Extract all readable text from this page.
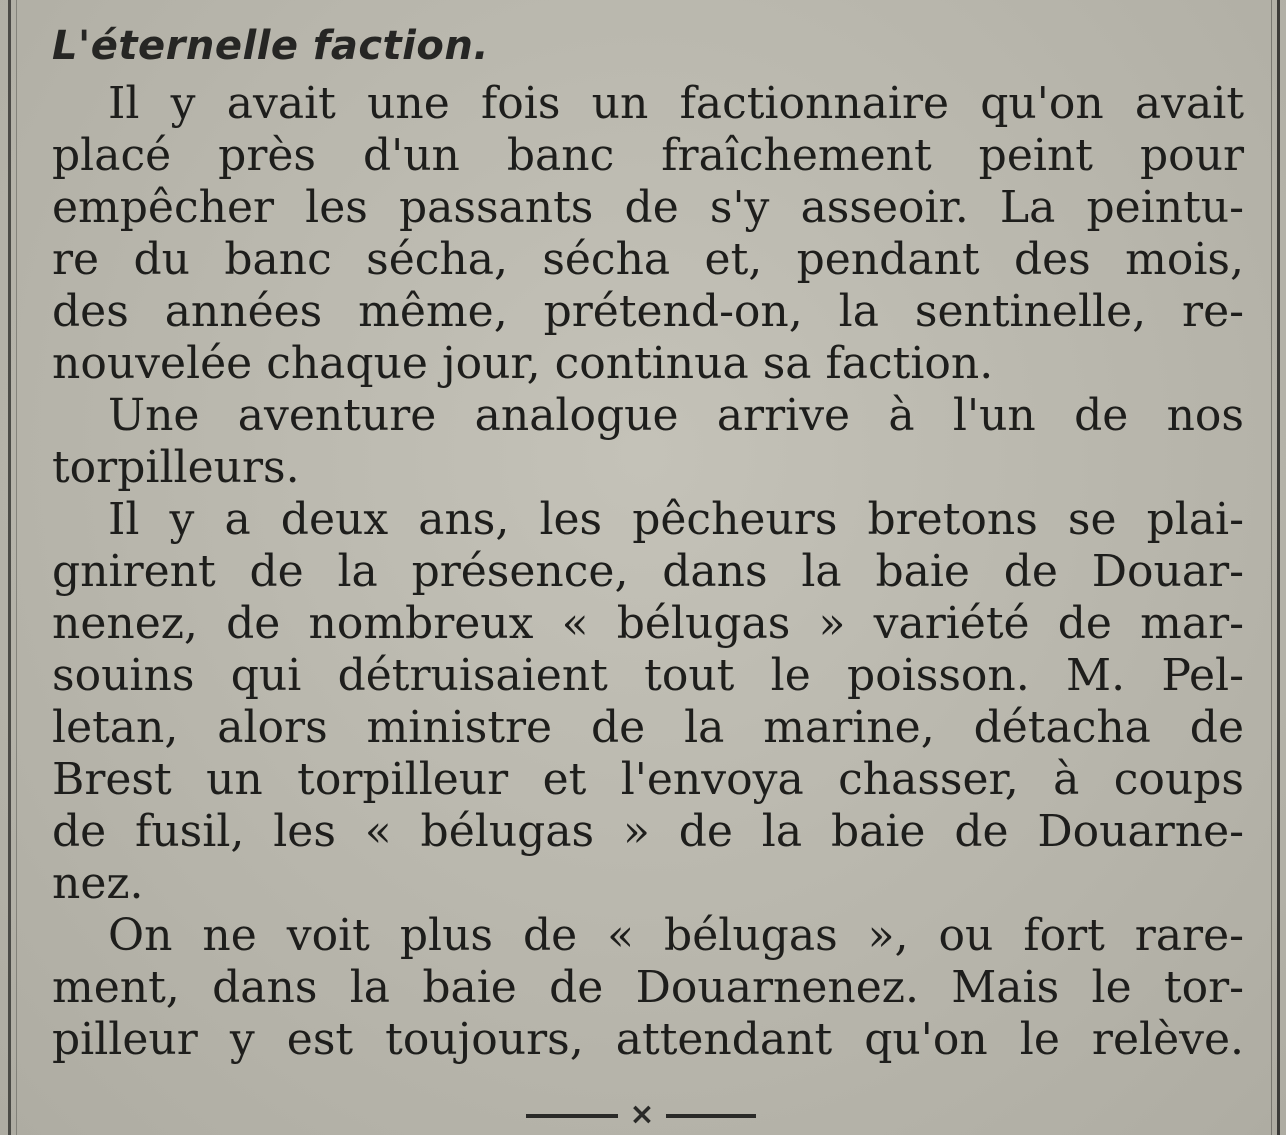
L'éternelle faction.
Il y avait une fois un factionnaire qu'on avait
placé près d'un banc fraîchement peint pour
empêcher les passants de s'y asseoir. La peintu-
re du banc sécha, sécha et, pendant des mois,
des années même, prétend-on, la sentinelle, re-
nouvelée chaque jour, continua sa faction.
Une aventure analogue arrive à l'un de nos
torpilleurs.
Il y a deux ans, les pêcheurs bretons se plai-
gnirent de la présence, dans la baie de Douar-
nenez, de nombreux « bélugas » variété de mar-
souins qui détruisaient tout le poisson. M. Pel-
letan, alors ministre de la marine, détacha de
Brest un torpilleur et l'envoya chasser, à coups
de fusil, les « bélugas » de la baie de Douarne-
nez.
On ne voit plus de « bélugas », ou fort rare-
ment, dans la baie de Douarnenez. Mais le tor-
pilleur y est toujours, attendant qu'on le relève.
×
